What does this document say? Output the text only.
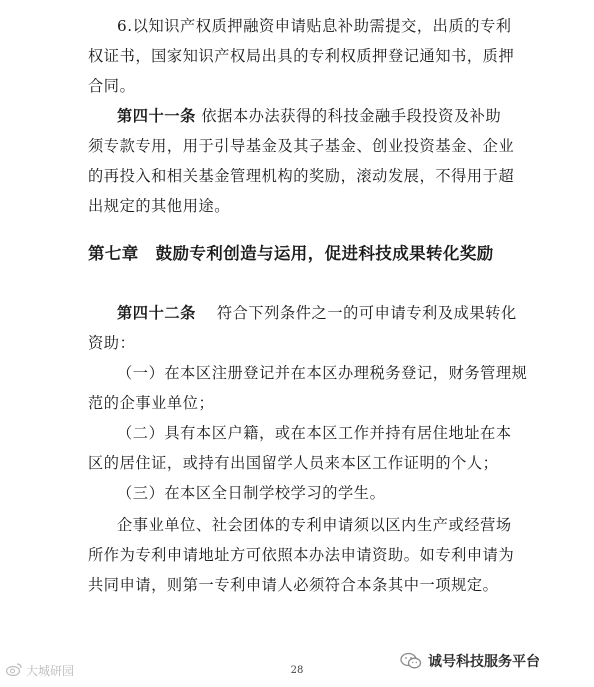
6.以知识产权质押融资申请贴息补助需提交，出质的专利
权证书，国家知识产权局出具的专利权质押登记通知书，质押
合同。
第四十一条 依据本办法获得的科技金融手段投资及补助
须专款专用，用于引导基金及其子基金、创业投资基金、企业
的再投入和相关基金管理机构的奖励，滚动发展，不得用于超
出规定的其他用途。
第七章　鼓励专利创造与运用，促进科技成果转化奖励
第四十二条 符合下列条件之一的可申请专利及成果转化
资助：
（一）在本区注册登记并在本区办理税务登记，财务管理规
范的企事业单位；
（二）具有本区户籍，或在本区工作并持有居住地址在本
区的居住证，或持有出国留学人员来本区工作证明的个人；
（三）在本区全日制学校学习的学生。
企事业单位、社会团体的专利申请须以区内生产或经营场
所作为专利申请地址方可依照本办法申请资助。如专利申请为
共同申请，则第一专利申请人必须符合本条其中一项规定。
28
大城研园
诚号科技服务平台
